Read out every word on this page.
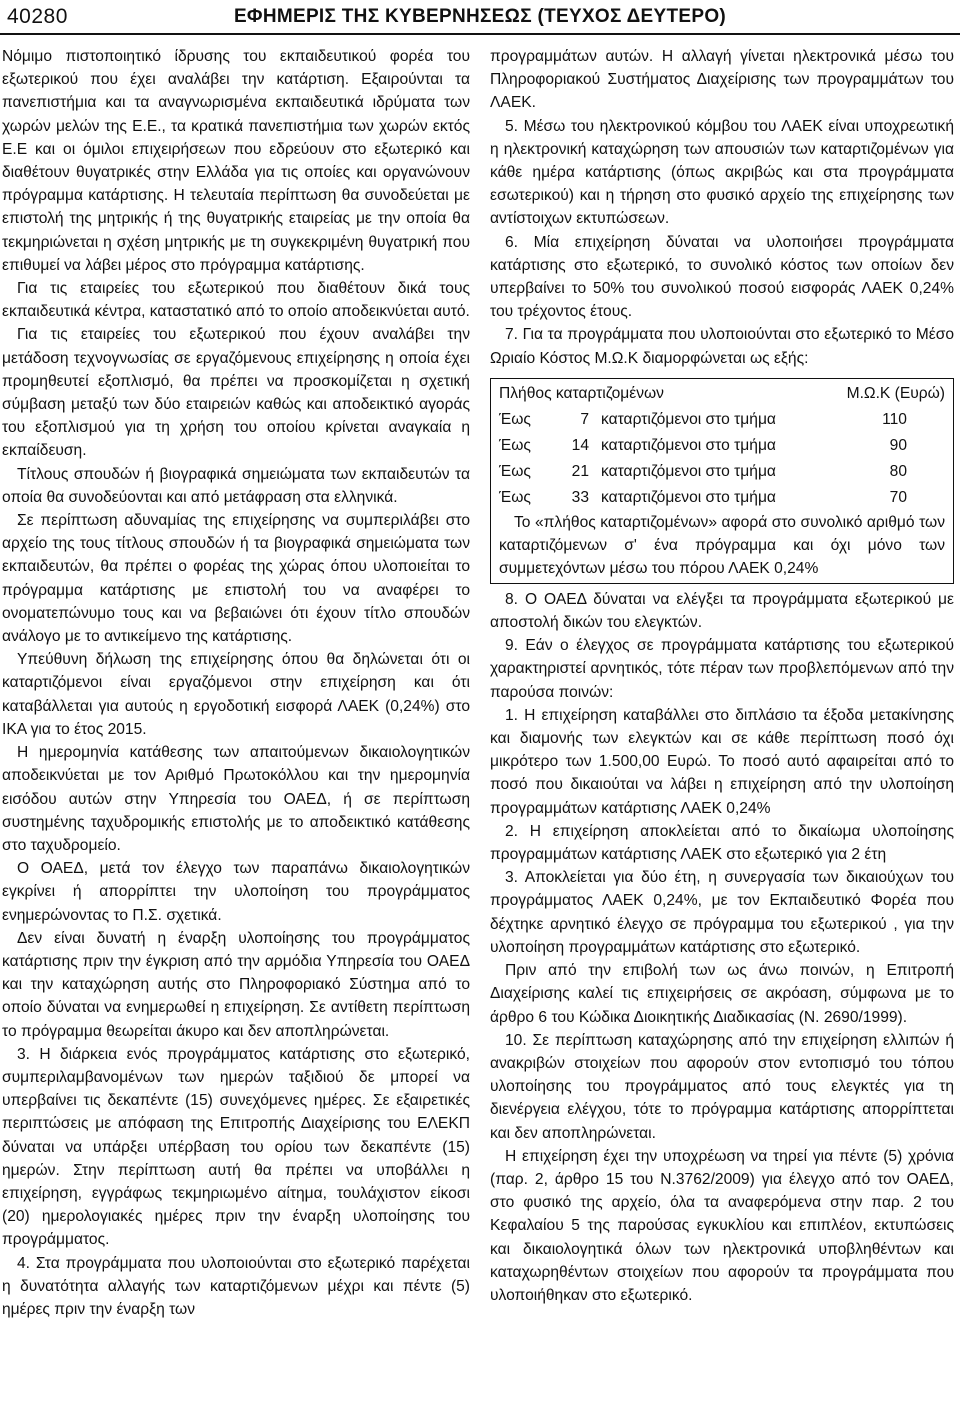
40280	ΕΦΗΜΕΡΙΣ ΤΗΣ ΚΥΒΕΡΝΗΣΕΩΣ (ΤΕΥΧΟΣ ΔΕΥΤΕΡΟ)

Νόμιμο πιστοποιητικό ίδρυσης του εκπαιδευτικού φορέα του εξωτερικού που έχει αναλάβει την κατάρτιση. Εξαιρούνται τα πανεπιστήμια και τα αναγνωρισμένα εκπαιδευτικά ιδρύματα των χωρών μελών της Ε.Ε., τα κρατικά πανεπιστήμια των χωρών εκτός Ε.Ε και οι όμιλοι επιχειρήσεων που εδρεύουν στο εξωτερικό και διαθέτουν θυγατρικές στην Ελλάδα για τις οποίες και οργανώνουν πρόγραμμα κατάρτισης. Η τελευταία περίπτωση θα συνοδεύεται με επιστολή της μητρικής ή της θυγατρικής εταιρείας με την οποία θα τεκμηριώνεται η σχέση μητρικής με τη συγκεκριμένη θυγατρική που επιθυμεί να λάβει μέρος στο πρόγραμμα κατάρτισης.

Για τις εταιρείες του εξωτερικού που διαθέτουν δικά τους εκπαιδευτικά κέντρα, καταστατικό από το οποίο αποδεικνύεται αυτό.

Για τις εταιρείες του εξωτερικού που έχουν αναλάβει την μετάδοση τεχνογνωσίας σε εργαζόμενους επιχείρησης η οποία έχει προμηθευτεί εξοπλισμό, θα πρέπει να προσκομίζεται η σχετική σύμβαση μεταξύ των δύο εταιρειών καθώς και αποδεικτικό αγοράς του εξοπλισμού για τη χρήση του οποίου κρίνεται αναγκαία η εκπαίδευση.

Τίτλους σπουδών ή βιογραφικά σημειώματα των εκπαιδευτών τα οποία θα συνοδεύονται και από μετάφραση στα ελληνικά.

Σε περίπτωση αδυναμίας της επιχείρησης να συμπεριλάβει στο αρχείο της τους τίτλους σπουδών ή τα βιογραφικά σημειώματα των εκπαιδευτών, θα πρέπει ο φορέας της χώρας όπου υλοποιείται το πρόγραμμα κατάρτισης με επιστολή του να αναφέρει το ονοματεπώνυμο τους και να βεβαιώνει ότι έχουν τίτλο σπουδών ανάλογο με το αντικείμενο της κατάρτισης.

Υπεύθυνη δήλωση της επιχείρησης όπου θα δηλώνεται ότι οι καταρτιζόμενοι είναι εργαζόμενοι στην επιχείρηση και ότι καταβάλλεται για αυτούς η εργοδοτική εισφορά ΛΑΕΚ (0,24%) στο ΙΚΑ για το έτος 2015.

Η ημερομηνία κατάθεσης των απαιτούμενων δικαιολογητικών αποδεικνύεται με τον Αριθμό Πρωτοκόλλου και την ημερομηνία εισόδου αυτών στην Υπηρεσία του ΟΑΕΔ, ή σε περίπτωση συστημένης ταχυδρομικής επιστολής με το αποδεικτικό κατάθεσης στο ταχυδρομείο.

Ο ΟΑΕΔ, μετά τον έλεγχο των παραπάνω δικαιολογητικών εγκρίνει ή απορρίπτει την υλοποίηση του προγράμματος ενημερώνοντας το Π.Σ. σχετικά.

Δεν είναι δυνατή η έναρξη υλοποίησης του προγράμματος κατάρτισης πριν την έγκριση από την αρμόδια Υπηρεσία του ΟΑΕΔ και την καταχώρηση αυτής στο Πληροφοριακό Σύστημα από το οποίο δύναται να ενημερωθεί η επιχείρηση. Σε αντίθετη περίπτωση το πρόγραμμα θεωρείται άκυρο και δεν αποπληρώνεται.

3. Η διάρκεια ενός προγράμματος κατάρτισης στο εξωτερικό, συμπεριλαμβανομένων των ημερών ταξιδιού δε μπορεί να υπερβαίνει τις δεκαπέντε (15) συνεχόμενες ημέρες. Σε εξαιρετικές περιπτώσεις με απόφαση της Επιτροπής Διαχείρισης του ΕΛΕΚΠ δύναται να υπάρξει υπέρβαση του ορίου των δεκαπέντε (15) ημερών. Στην περίπτωση αυτή θα πρέπει να υποβάλλει η επιχείρηση, εγγράφως τεκμηριωμένο αίτημα, τουλάχιστον είκοσι (20) ημερολογιακές ημέρες πριν την έναρξη υλοποίησης του προγράμματος.

4. Στα προγράμματα που υλοποιούνται στο εξωτερικό παρέχεται η δυνατότητα αλλαγής των καταρτιζόμενων μέχρι και πέντε (5) ημέρες πριν την έναρξη των

προγραμμάτων αυτών. Η αλλαγή γίνεται ηλεκτρονικά μέσω του Πληροφοριακού Συστήματος Διαχείρισης των προγραμμάτων του ΛΑΕΚ.

5. Μέσω του ηλεκτρονικού κόμβου του ΛΑΕΚ είναι υποχρεωτική η ηλεκτρονική καταχώρηση των απουσιών των καταρτιζομένων για κάθε ημέρα κατάρτισης (όπως ακριβώς και στα προγράμματα εσωτερικού) και η τήρηση στο φυσικό αρχείο της επιχείρησης των αντίστοιχων εκτυπώσεων.

6. Μία επιχείρηση δύναται να υλοποιήσει προγράμματα κατάρτισης στο εξωτερικό, το συνολικό κόστος των οποίων δεν υπερβαίνει το 50% του συνολικού ποσού εισφοράς ΛΑΕΚ 0,24% του τρέχοντος έτους.

7. Για τα προγράμματα που υλοποιούνται στο εξωτερικό το Μέσο Ωριαίο Κόστος Μ.Ω.Κ διαμορφώνεται ως εξής:

Πλήθος καταρτιζομένων	Μ.Ω.Κ (Ευρώ)
Έως	7 καταρτιζόμενοι στο τμήμα	110
Έως	14 καταρτιζόμενοι στο τμήμα	90
Έως	21 καταρτιζόμενοι στο τμήμα	80
Έως	33 καταρτιζόμενοι στο τμήμα	70

Το «πλήθος καταρτιζομένων» αφορά στο συνολικό αριθμό των καταρτιζόμενων σ' ένα πρόγραμμα και όχι μόνο των συμμετεχόντων μέσω του πόρου ΛΑΕΚ 0,24%

8. Ο ΟΑΕΔ δύναται να ελέγξει τα προγράμματα εξωτερικού με αποστολή δικών του ελεγκτών.

9. Εάν ο έλεγχος σε προγράμματα κατάρτισης του εξωτερικού χαρακτηριστεί αρνητικός, τότε πέραν των προβλεπόμενων από την παρούσα ποινών:

1. Η επιχείρηση καταβάλλει στο διπλάσιο τα έξοδα μετακίνησης και διαμονής των ελεγκτών και σε κάθε περίπτωση ποσό όχι μικρότερο των 1.500,00 Ευρώ. Το ποσό αυτό αφαιρείται από το ποσό που δικαιούται να λάβει η επιχείρηση από την υλοποίηση προγραμμάτων κατάρτισης ΛΑΕΚ 0,24%

2. Η επιχείρηση αποκλείεται από το δικαίωμα υλοποίησης προγραμμάτων κατάρτισης ΛΑΕΚ στο εξωτερικό για 2 έτη

3. Αποκλείεται για δύο έτη, η συνεργασία των δικαιούχων του προγράμματος ΛΑΕΚ 0,24%, με τον Εκπαιδευτικό Φορέα που δέχτηκε αρνητικό έλεγχο σε πρόγραμμα του εξωτερικού , για την υλοποίηση προγραμμάτων κατάρτισης στο εξωτερικό.

Πριν από την επιβολή των ως άνω ποινών, η Επιτροπή Διαχείρισης καλεί τις επιχειρήσεις σε ακρόαση, σύμφωνα με το άρθρο 6 του Κώδικα Διοικητικής Διαδικασίας (Ν. 2690/1999).

10. Σε περίπτωση καταχώρησης από την επιχείρηση ελλιπών ή ανακριβών στοιχείων που αφορούν στον εντοπισμό του τόπου υλοποίησης του προγράμματος από τους ελεγκτές για τη διενέργεια ελέγχου, τότε το πρόγραμμα κατάρτισης απορρίπτεται και δεν αποπληρώνεται.

Η επιχείρηση έχει την υποχρέωση να τηρεί για πέντε (5) χρόνια (παρ. 2, άρθρο 15 του Ν.3762/2009) για έλεγχο από τον ΟΑΕΔ, στο φυσικό της αρχείο, όλα τα αναφερόμενα στην παρ. 2 του Κεφαλαίου 5 της παρούσας εγκυκλίου και επιπλέον, εκτυπώσεις και δικαιολογητικά όλων των ηλεκτρονικά υποβληθέντων και καταχωρηθέντων στοιχείων που αφορούν τα προγράμματα που υλοποιήθηκαν στο εξωτερικό.
